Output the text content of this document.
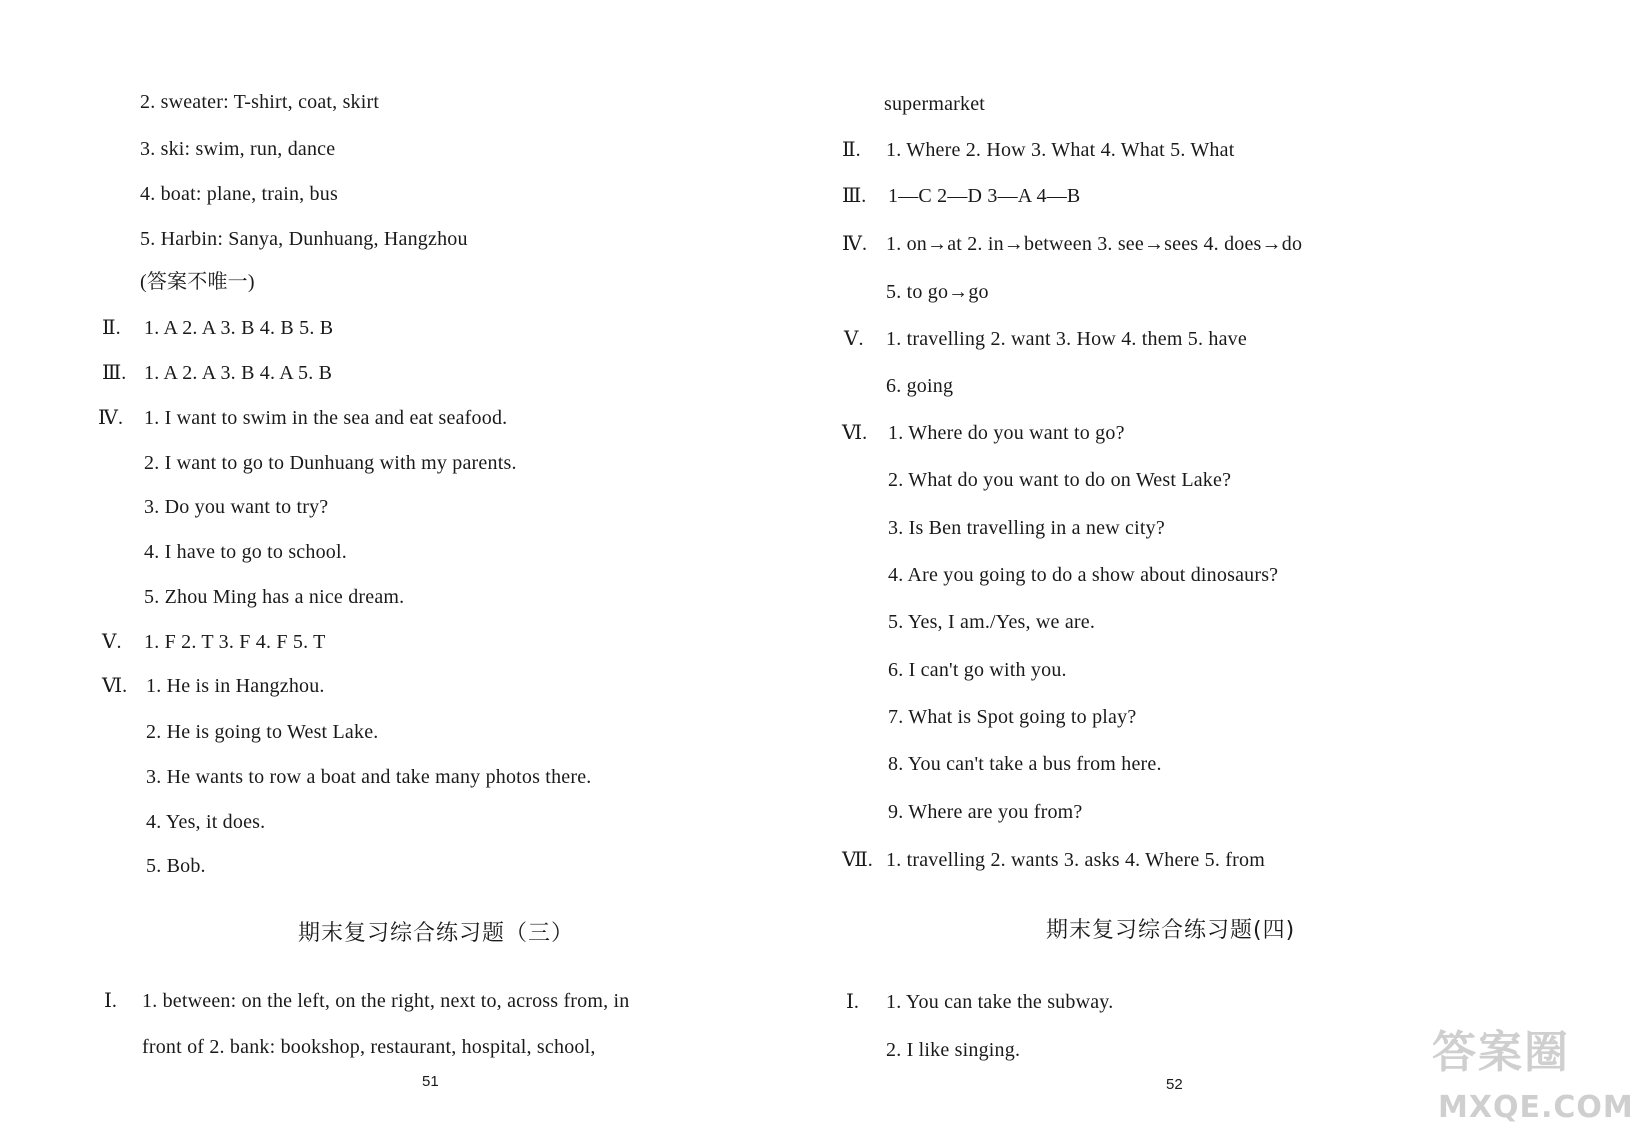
2. sweater: T-shirt, coat, skirt
3. ski: swim, run, dance
4. boat: plane, train, bus
5. Harbin: Sanya, Dunhuang, Hangzhou
(答案不唯一)
Ⅱ. 1. A 2. A 3. B 4. B 5. B
Ⅲ. 1. A 2. A 3. B 4. A 5. B
Ⅳ. 1. I want to swim in the sea and eat seafood.
2. I want to go to Dunhuang with my parents.
3. Do you want to try?
4. I have to go to school.
5. Zhou Ming has a nice dream.
Ⅴ. 1. F 2. T 3. F 4. F 5. T
Ⅵ. 1. He is in Hangzhou.
2. He is going to West Lake.
3. He wants to row a boat and take many photos there.
4. Yes, it does.
5. Bob.
期末复习综合练习题（三）
Ⅰ. 1. between: on the left, on the right, next to, across from, in
front of 2. bank: bookshop, restaurant, hospital, school,
51
supermarket
Ⅱ. 1. Where 2. How 3. What 4. What 5. What
Ⅲ. 1—C 2—D 3—A 4—B
Ⅳ. 1. on→at 2. in→between 3. see→sees 4. does→do
5. to go→go
Ⅴ. 1. travelling 2. want 3. How 4. them 5. have
6. going
Ⅵ. 1. Where do you want to go?
2. What do you want to do on West Lake?
3. Is Ben travelling in a new city?
4. Are you going to do a show about dinosaurs?
5. Yes, I am./Yes, we are.
6. I can't go with you.
7. What is Spot going to play?
8. You can't take a bus from here.
9. Where are you from?
Ⅶ. 1. travelling 2. wants 3. asks 4. Where 5. from
期末复习综合练习题(四)
Ⅰ. 1. You can take the subway.
2. I like singing.
52
答案圈
MXQE.COM
